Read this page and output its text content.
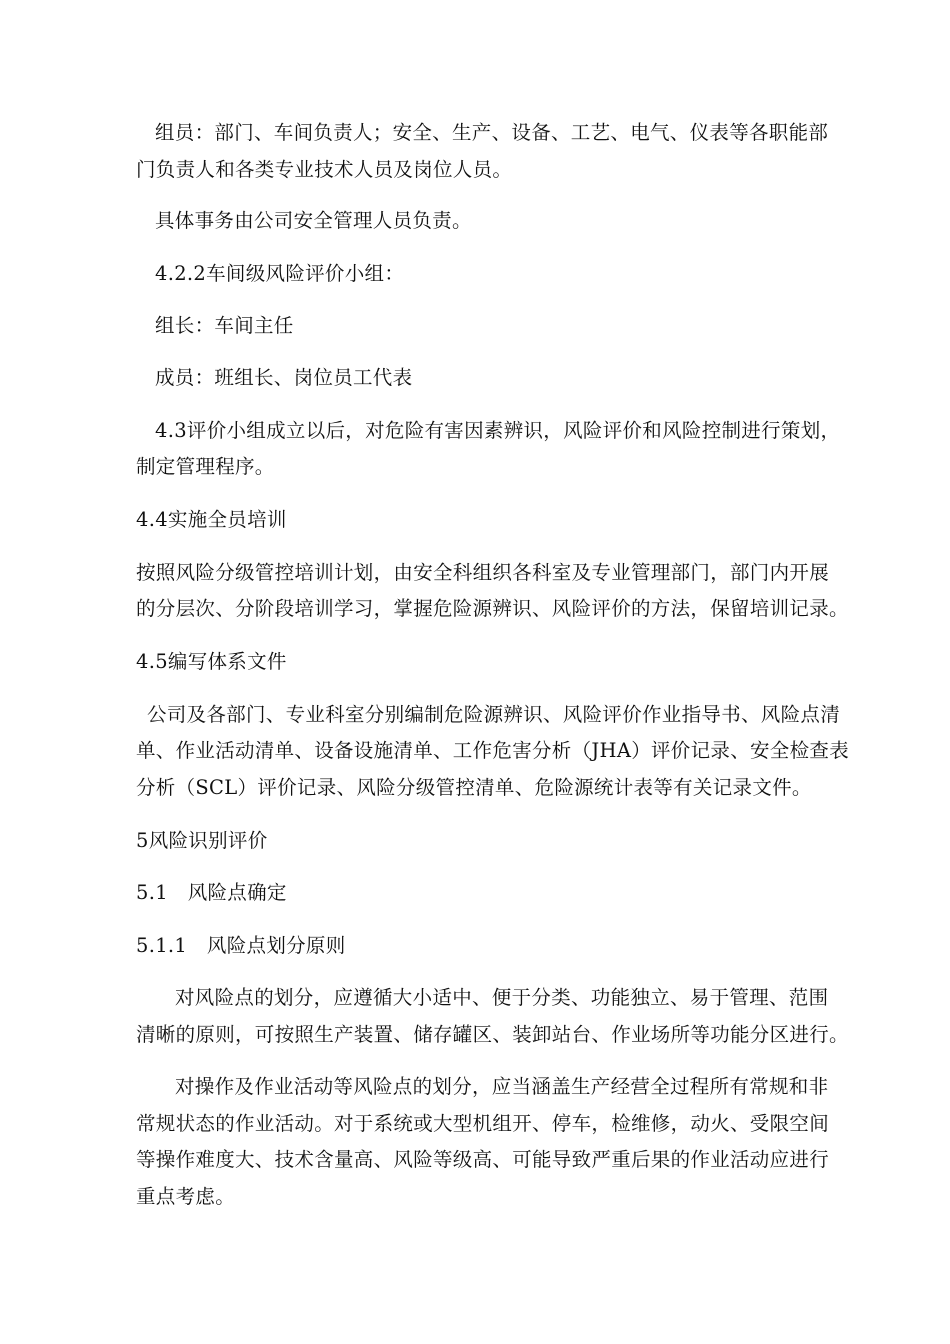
组员：部门、车间负责人；安全、生产、设备、工艺、电气、仪表等各职能部
门负责人和各类专业技术人员及岗位人员。
具体事务由公司安全管理人员负责。
4.2.2车间级风险评价小组：
组长：车间主任
成员：班组长、岗位员工代表
4.3评价小组成立以后，对危险有害因素辨识，风险评价和风险控制进行策划，
制定管理程序。
4.4实施全员培训
按照风险分级管控培训计划，由安全科组织各科室及专业管理部门，部门内开展
的分层次、分阶段培训学习，掌握危险源辨识、风险评价的方法，保留培训记录。
4.5编写体系文件
公司及各部门、专业科室分别编制危险源辨识、风险评价作业指导书、风险点清
单、作业活动清单、设备设施清单、工作危害分析（JHA）评价记录、安全检查表
分析（SCL）评价记录、风险分级管控清单、危险源统计表等有关记录文件。
5风险识别评价
5.1　风险点确定
5.1.1　风险点划分原则
对风险点的划分，应遵循大小适中、便于分类、功能独立、易于管理、范围
清晰的原则，可按照生产装置、储存罐区、装卸站台、作业场所等功能分区进行。
对操作及作业活动等风险点的划分，应当涵盖生产经营全过程所有常规和非
常规状态的作业活动。对于系统或大型机组开、停车，检维修，动火、受限空间
等操作难度大、技术含量高、风险等级高、可能导致严重后果的作业活动应进行
重点考虑。
